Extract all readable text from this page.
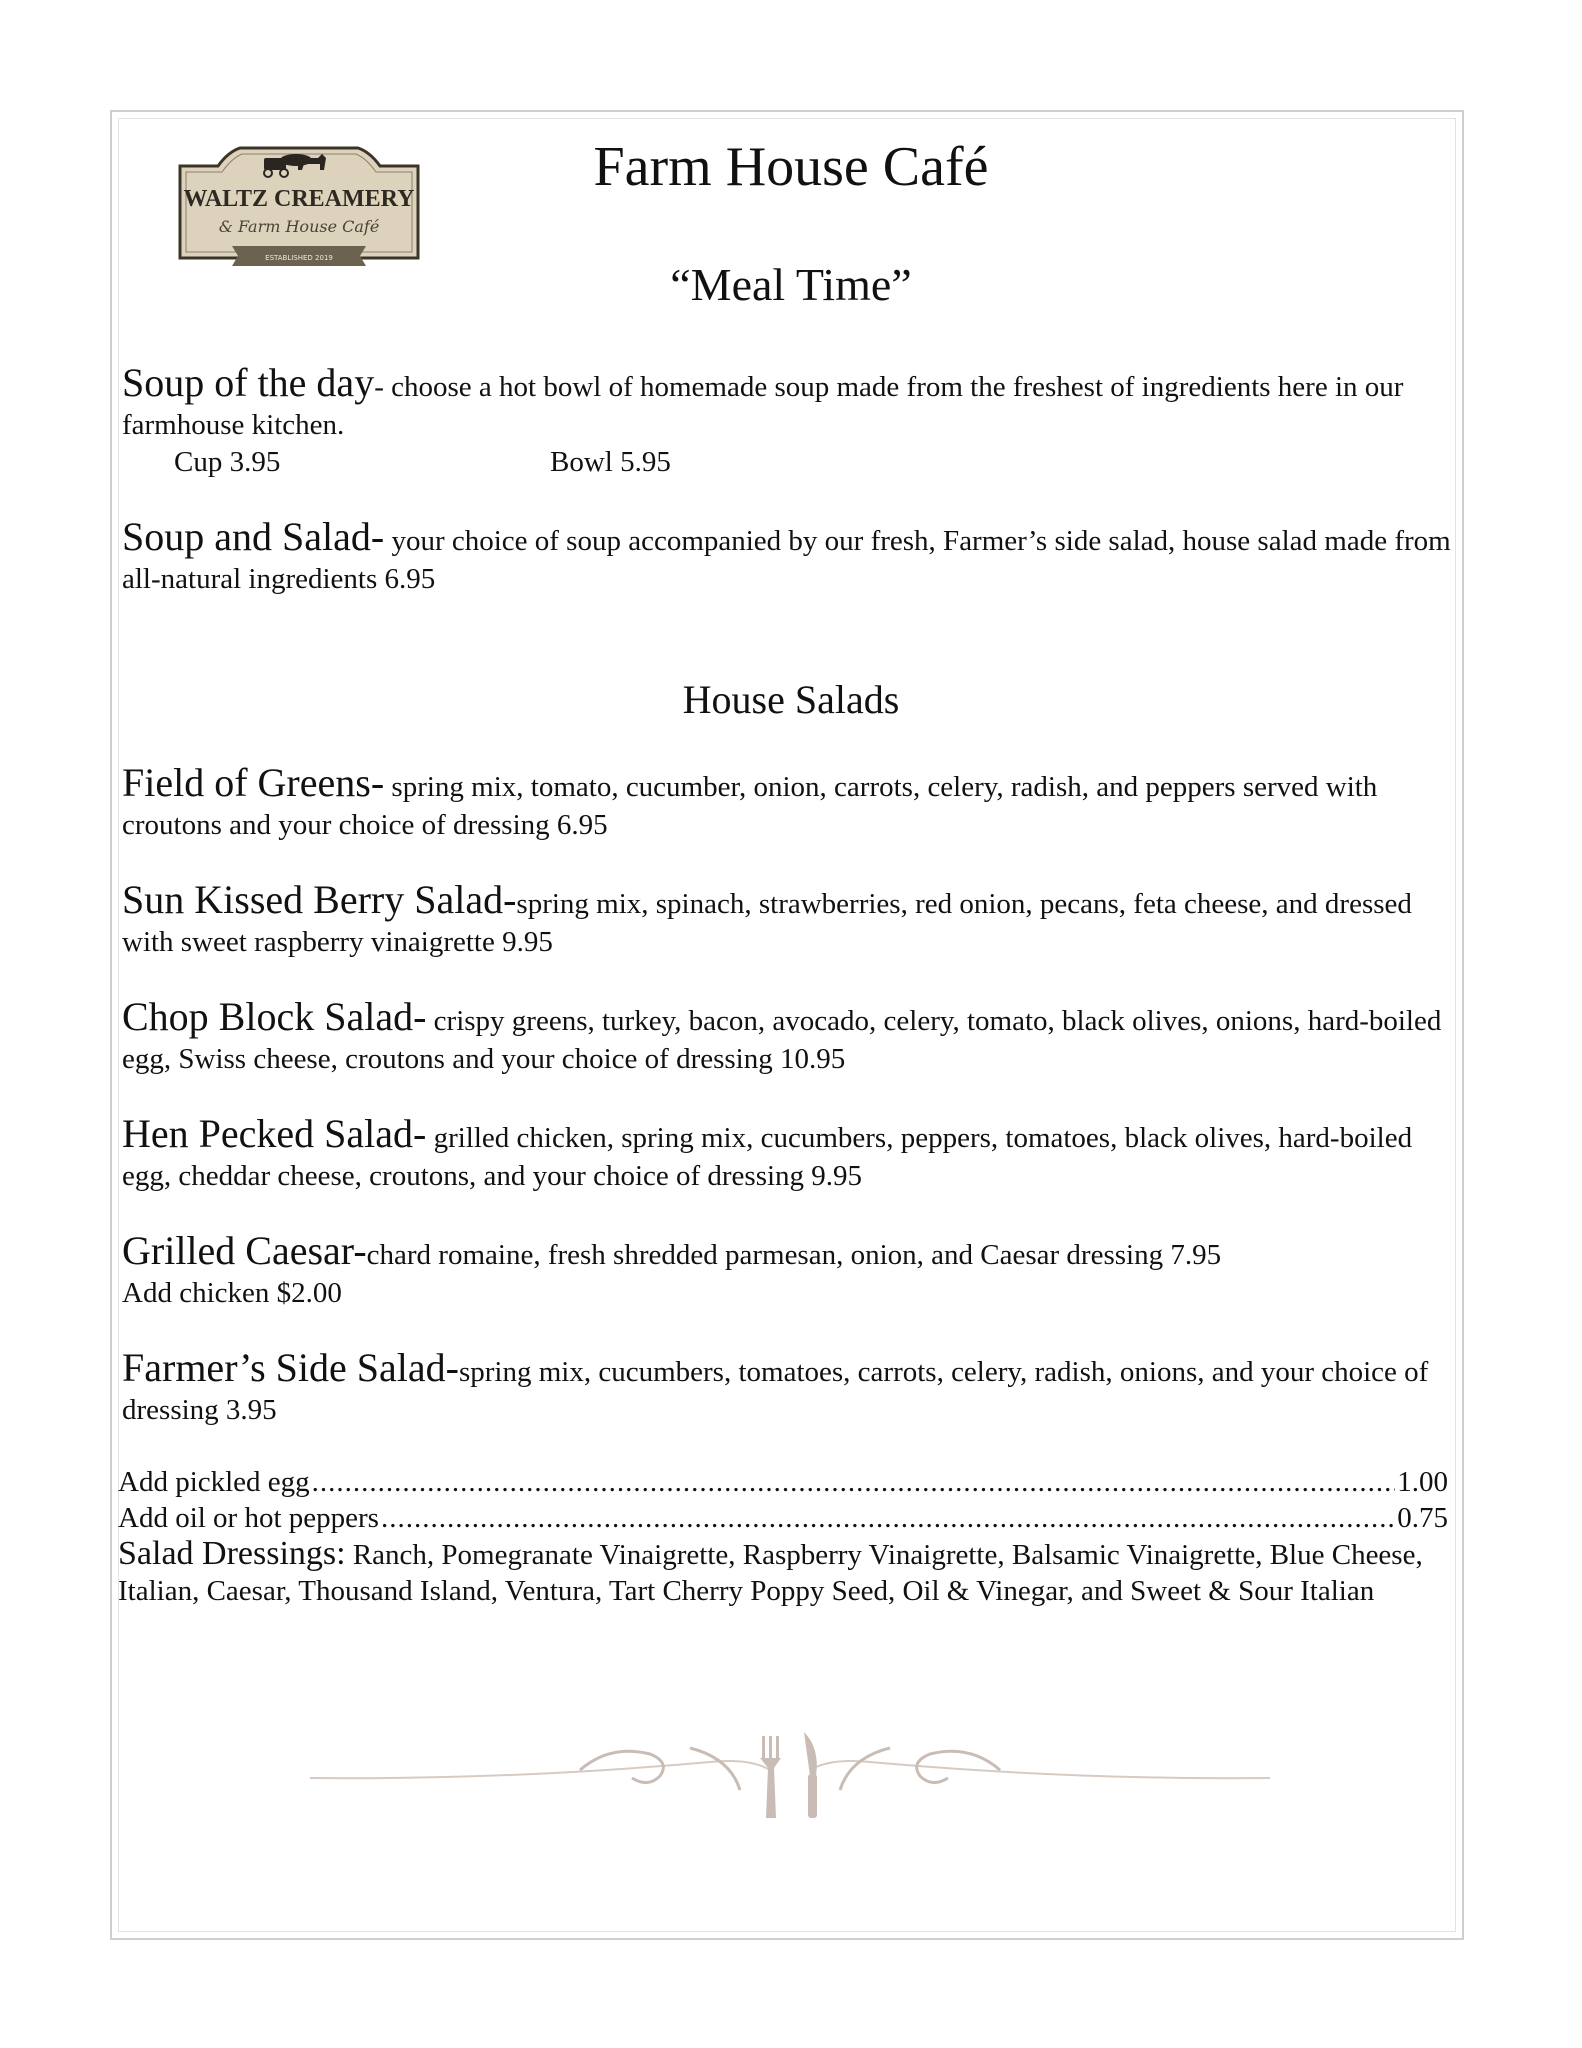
WALTZ CREAMERY
& Farm House Café
ESTABLISHED 2019
Farm House Café
“Meal Time”
Soup of the day- choose a hot bowl of homemade soup made from the freshest of ingredients here in our farmhouse kitchen.
Cup 3.95	Bowl 5.95
Soup and Salad- your choice of soup accompanied by our fresh, Farmer’s side salad, house salad made from all-natural ingredients 6.95
House Salads
Field of Greens- spring mix, tomato, cucumber, onion, carrots, celery, radish, and peppers served with croutons and your choice of dressing 6.95
Sun Kissed Berry Salad-spring mix, spinach, strawberries, red onion, pecans, feta cheese, and dressed with sweet raspberry vinaigrette 9.95
Chop Block Salad- crispy greens, turkey, bacon, avocado, celery, tomato, black olives, onions, hard-boiled egg, Swiss cheese, croutons and your choice of dressing 10.95
Hen Pecked Salad- grilled chicken, spring mix, cucumbers, peppers, tomatoes, black olives, hard-boiled egg, cheddar cheese, croutons, and your choice of dressing 9.95
Grilled Caesar-chard romaine, fresh shredded parmesan, onion, and Caesar dressing 7.95
Add chicken $2.00
Farmer’s Side Salad-spring mix, cucumbers, tomatoes, carrots, celery, radish, onions, and your choice of dressing 3.95
Add pickled egg .....	1.00
Add oil or hot peppers .....	0.75
Salad Dressings: Ranch, Pomegranate Vinaigrette, Raspberry Vinaigrette, Balsamic Vinaigrette, Blue Cheese, Italian, Caesar, Thousand Island, Ventura, Tart Cherry Poppy Seed, Oil & Vinegar, and Sweet & Sour Italian
